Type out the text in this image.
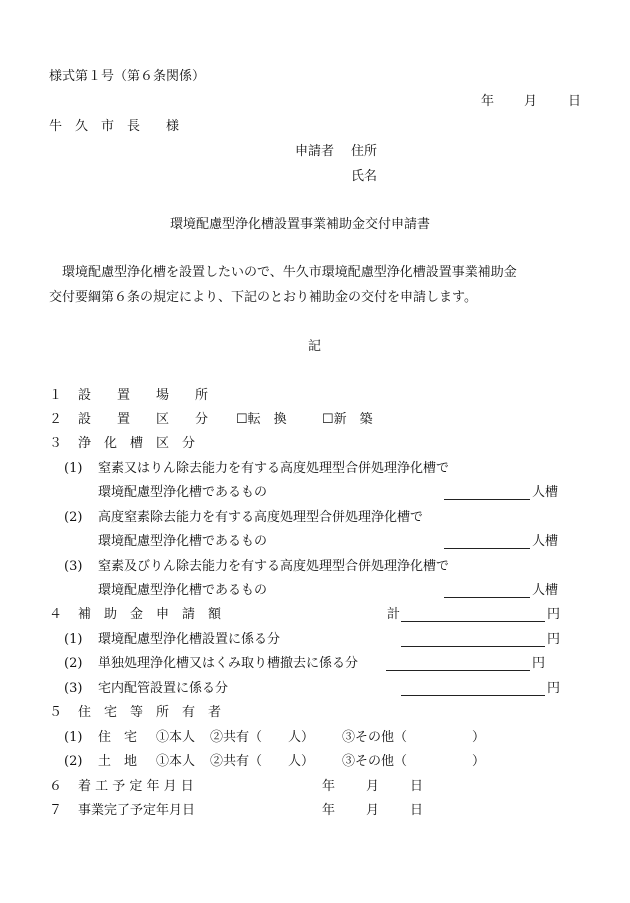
様式第１号（第６条関係）
年 月 日
牛　久　市　長　　様
申請者 住所
氏名
環境配慮型浄化槽設置事業補助金交付申請書
　環境配慮型浄化槽を設置したいので、牛久市環境配慮型浄化槽設置事業補助金
交付要綱第６条の規定により、下記のとおり補助金の交付を申請します。
記
１ 設　　置　　場　　所
２ 設　　置　　区　　分 ☐転　換	☐新　築
３ 浄　化　槽　区　分
(1) 窒素又はりん除去能力を有する高度処理型合併処理浄化槽で
環境配慮型浄化槽であるもの	人槽
(2) 高度窒素除去能力を有する高度処理型合併処理浄化槽で
環境配慮型浄化槽であるもの	人槽
(3) 窒素及びりん除去能力を有する高度処理型合併処理浄化槽で
環境配慮型浄化槽であるもの	人槽
４ 補　助　金　申　請　額	計	円
(1) 環境配慮型浄化槽設置に係る分	円
(2) 単独処理浄化槽又はくみ取り槽撤去に係る分	円
(3) 宅内配管設置に係る分	円
５ 住　宅　等　所　有　者
(1) 住　宅 ①本人 ②共有（　　人） ③その他（　　　　　）
(2) 土　地 ①本人 ②共有（　　人） ③その他（　　　　　）
６ 着 工 予 定 年 月 日	年 月 日
７ 事業完了予定年月日	年 月 日
